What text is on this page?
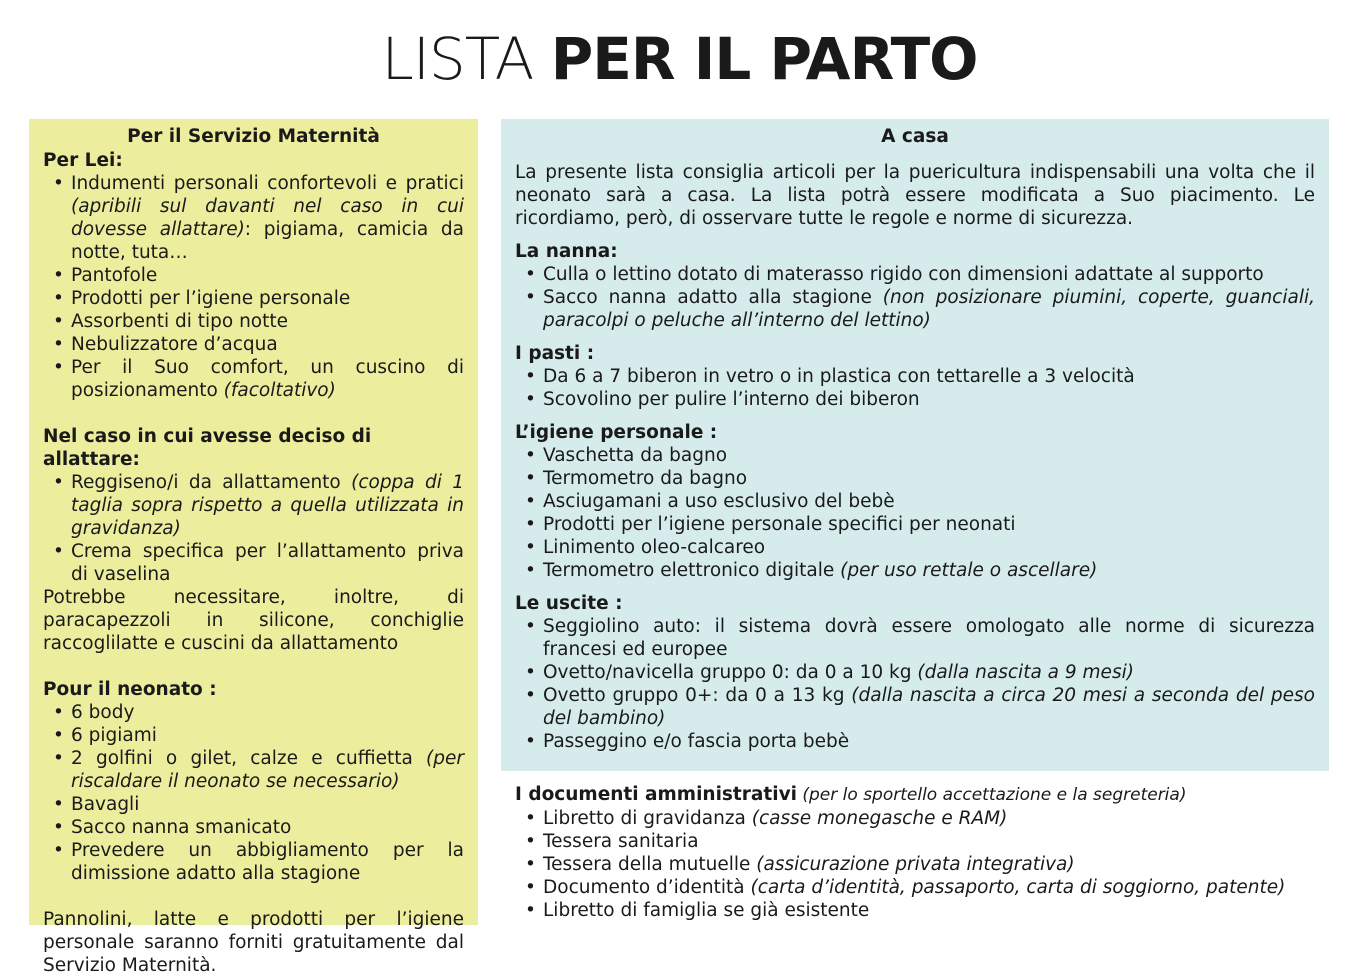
LISTA PER IL PARTO
Per il Servizio Maternità
Per Lei:
• Indumenti personali confortevoli e pratici (apribili sul davanti nel caso in cui dovesse allattare): pigiama, camicia da notte, tuta…
• Pantofole
• Prodotti per l’igiene personale
• Assorbenti di tipo notte
• Nebulizzatore d’acqua
• Per il Suo comfort, un cuscino di posizionamento (facoltativo)
Nel caso in cui avesse deciso di allattare:
• Reggiseno/i da allattamento (coppa di 1 taglia sopra rispetto a quella utilizzata in gravidanza)
• Crema specifica per l’allattamento priva di vaselina

Potrebbe necessitare, inoltre, di paracapezzoli in silicone, conchiglie raccoglilatte e cuscini da allattamento

Pour il neonato :
• 6 body
• 6 pigiami
• 2 golfini o gilet, calze e cuffietta (per riscaldare il neonato se necessario)
• Bavagli
• Sacco nanna smanicato
• Prevedere un abbigliamento per la dimissione adatto alla stagione

Pannolini, latte e prodotti per l’igiene personale saranno forniti gratuitamente dal Servizio Maternità.

A casa

La presente lista consiglia articoli per la puericultura indispensabili una volta che il neonato sarà a casa. La lista potrà essere modificata a Suo piacimento. Le ricordiamo, però, di osservare tutte le regole e norme di sicurezza.

La nanna:
• Culla o lettino dotato di materasso rigido con dimensioni adattate al supporto
• Sacco nanna adatto alla stagione (non posizionare piumini, coperte, guanciali, paracolpi o peluche all’interno del lettino)
I pasti :
• Da 6 a 7 biberon in vetro o in plastica con tettarelle a 3 velocità
• Scovolino per pulire l’interno dei biberon
L’igiene personale :
• Vaschetta da bagno
• Termometro da bagno
• Asciugamani a uso esclusivo del bebè
• Prodotti per l’igiene personale specifici per neonati
• Linimento oleo-calcareo
• Termometro elettronico digitale (per uso rettale o ascellare)
Le uscite :
• Seggiolino auto: il sistema dovrà essere omologato alle norme di sicurezza francesi ed europee
• Ovetto/navicella gruppo 0: da 0 a 10 kg (dalla nascita a 9 mesi)
• Ovetto gruppo 0+: da 0 a 13 kg (dalla nascita a circa 20 mesi a seconda del peso del bambino)
• Passeggino e/o fascia porta bebè
I documenti amministrativi (per lo sportello accettazione e la segreteria)
• Libretto di gravidanza (casse monegasche e RAM)
• Tessera sanitaria
• Tessera della mutuelle (assicurazione privata integrativa)
• Documento d’identità (carta d’identità, passaporto, carta di soggiorno, patente)
• Libretto di famiglia se già esistente
